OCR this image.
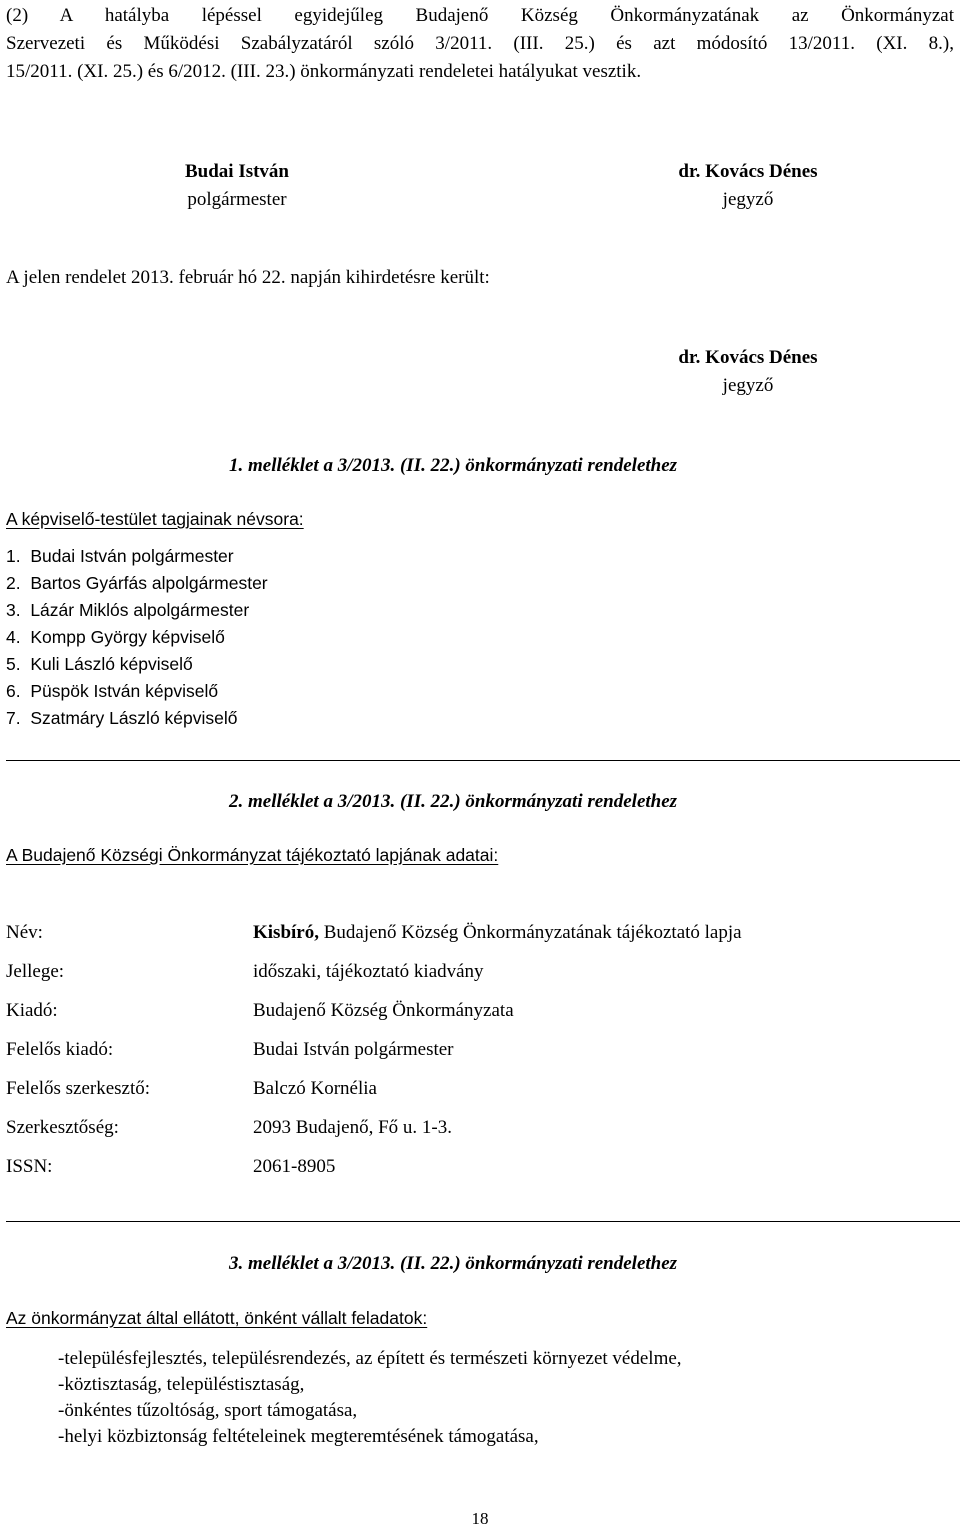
(2) A hatályba lépéssel egyidejűleg Budajenő Község Önkormányzatának az Önkormányzat
Szervezeti és Működési Szabályzatáról szóló 3/2011. (III. 25.) és azt módosító 13/2011. (XI. 8.),
15/2011. (XI. 25.) és 6/2012. (III. 23.) önkormányzati rendeletei hatályukat vesztik.
Budai István
polgármester
dr. Kovács Dénes
jegyző
A jelen rendelet 2013. február hó 22. napján kihirdetésre került:
dr. Kovács Dénes
jegyző
1. melléklet a 3/2013. (II. 22.) önkormányzati rendelethez
A képviselő-testület tagjainak névsora:
1.  Budai István polgármester
2.  Bartos Gyárfás alpolgármester
3.  Lázár Miklós alpolgármester
4.  Kompp György képviselő
5.  Kuli László képviselő
6.  Püspök István képviselő
7.  Szatmáry László képviselő
2. melléklet a 3/2013. (II. 22.) önkormányzati rendelethez
A Budajenő Községi Önkormányzat tájékoztató lapjának adatai:
Név:	Kisbíró, Budajenő Község Önkormányzatának tájékoztató lapja
Jellege:	időszaki, tájékoztató kiadvány
Kiadó:	Budajenő Község Önkormányzata
Felelős kiadó:	Budai István polgármester
Felelős szerkesztő:	Balczó Kornélia
Szerkesztőség:	2093 Budajenő, Fő u. 1-3.
ISSN:	2061-8905
3. melléklet a 3/2013. (II. 22.) önkormányzati rendelethez
Az önkormányzat által ellátott, önként vállalt feladatok:
-településfejlesztés, településrendezés, az épített és természeti környezet védelme,
-köztisztaság, településtisztaság,
-önkéntes tűzoltóság, sport támogatása,
-helyi közbiztonság feltételeinek megteremtésének támogatása,
18
